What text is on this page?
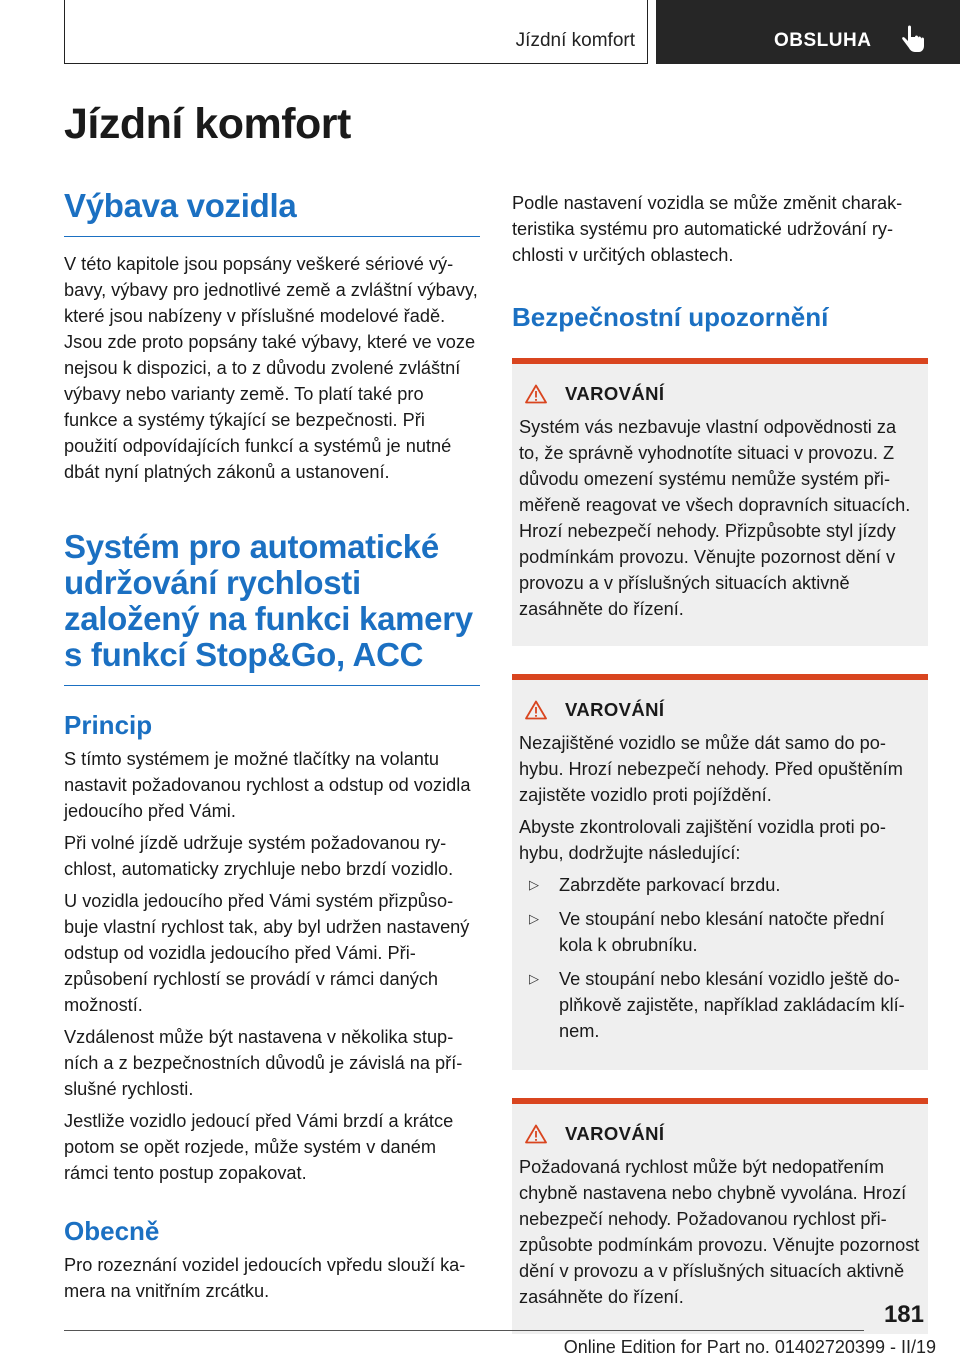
Jízdní komfort	OBSLUHA
Jízdní komfort
Výbava vozidla

V této kapitole jsou popsány veškeré sériové výbavy, výbavy pro jednotlivé země a zvláštní výbavy, které jsou nabízeny v příslušné modelové řadě. Jsou zde proto popsány také výbavy, které ve voze nejsou k dispozici, a to z důvodu zvolené zvláštní výbavy nebo varianty země. To platí také pro funkce a systémy týkající se bezpečnosti. Při použití odpovídajících funkcí a systémů je nutné dbát nyní platných zákonů a ustanovení.

Systém pro automatické udržování rychlosti založený na funkci kamery s funkcí Stop&Go, ACC
Princip

S tímto systémem je možné tlačítky na volantu nastavit požadovanou rychlost a odstup od vozidla jedoucího před Vámi.

Při volné jízdě udržuje systém požadovanou rychlost, automaticky zrychluje nebo brzdí vozidlo.

U vozidla jedoucího před Vámi systém přizpůsobuje vlastní rychlost tak, aby byl udržen nastavený odstup od vozidla jedoucího před Vámi. Přizpůsobení rychlostí se provádí v rámci daných možností.

Vzdálenost může být nastavena v několika stupních a z bezpečnostních důvodů je závislá na příslušné rychlosti.

Jestliže vozidlo jedoucí před Vámi brzdí a krátce potom se opět rozjede, může systém v daném rámci tento postup zopakovat.

Obecně

Pro rozeznání vozidel jedoucích vpředu slouží kamera na vnitřním zrcátku.

Podle nastavení vozidla se může změnit charakteristika systému pro automatické udržování rychlosti v určitých oblastech.

Bezpečnostní upozornění
VAROVÁNÍ

Systém vás nezbavuje vlastní odpovědnosti za to, že správně vyhodnotíte situaci v provozu. Z důvodu omezení systému nemůže systém přiměřeně reagovat ve všech dopravních situacích. Hrozí nebezpečí nehody. Přizpůsobte styl jízdy podmínkám provozu. Věnujte pozornost dění v provozu a v příslušných situacích aktivně zasáhněte do řízení.

VAROVÁNÍ

Nezajištěné vozidlo se může dát samo do pohybu. Hrozí nebezpečí nehody. Před opuštěním zajistěte vozidlo proti pojíždění.

Abyste zkontrolovali zajištění vozidla proti pohybu, dodržujte následující:

▷	Zabrzděte parkovací brzdu.
▷	Ve stoupání nebo klesání natočte přední kola k obrubníku.
▷	Ve stoupání nebo klesání vozidlo ještě doplňkově zajistěte, například zakládacím klínem.
VAROVÁNÍ

Požadovaná rychlost může být nedopatřením chybně nastavena nebo chybně vyvolána. Hrozí nebezpečí nehody. Požadovanou rychlost přizpůsobte podmínkám provozu. Věnujte pozornost dění v provozu a v příslušných situacích aktivně zasáhněte do řízení.

181
Online Edition for Part no. 01402720399 - II/19
